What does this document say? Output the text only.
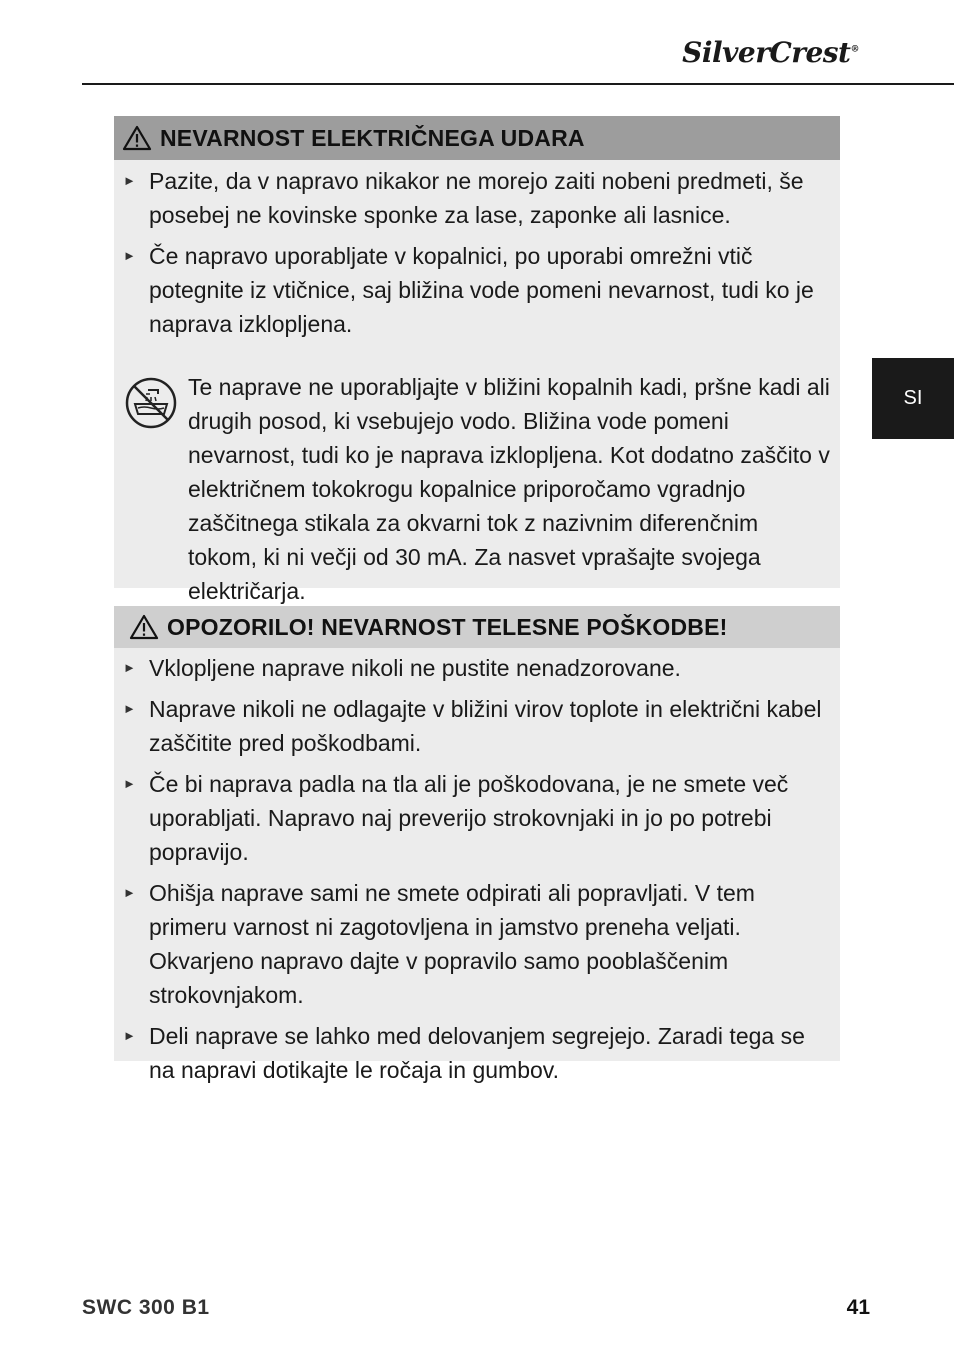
SilverCrest®
SI
NEVARNOST ELEKTRIČNEGA UDARA
► Pazite, da v napravo nikakor ne morejo zaiti nobeni predmeti, še posebej ne kovinske sponke za lase, zaponke ali lasnice.
► Če napravo uporabljate v kopalnici, po uporabi omrežni vtič potegnite iz vtičnice, saj bližina vode pomeni nevarnost, tudi ko je naprava izklopljena.
Te naprave ne uporabljajte v bližini kopalnih kadi, pršne kadi ali drugih posod, ki vsebujejo vodo. Bližina vode pomeni nevarnost, tudi ko je naprava izklopljena. Kot dodatno zaščito v električnem tokokrogu kopalnice priporočamo vgradnjo zaščitnega stikala za okvarni tok z nazivnim diferenčnim tokom, ki ni večji od 30 mA. Za nasvet vprašajte svojega električarja.
OPOZORILO! NEVARNOST TELESNE POŠKODBE!
► Vklopljene naprave nikoli ne pustite nenadzorovane.
► Naprave nikoli ne odlagajte v bližini virov toplote in električni kabel zaščitite pred poškodbami.
► Če bi naprava padla na tla ali je poškodovana, je ne smete več uporabljati. Napravo naj preverijo strokovnjaki in jo po potrebi popravijo.
► Ohišja naprave sami ne smete odpirati ali popravljati. V tem primeru varnost ni zagotovljena in jamstvo preneha veljati. Okvarjeno napravo dajte v popravilo samo pooblaščenim strokovnjakom.
► Deli naprave se lahko med delovanjem segrejejo. Zaradi tega se na napravi dotikajte le ročaja in gumbov.
SWC 300 B1	41
